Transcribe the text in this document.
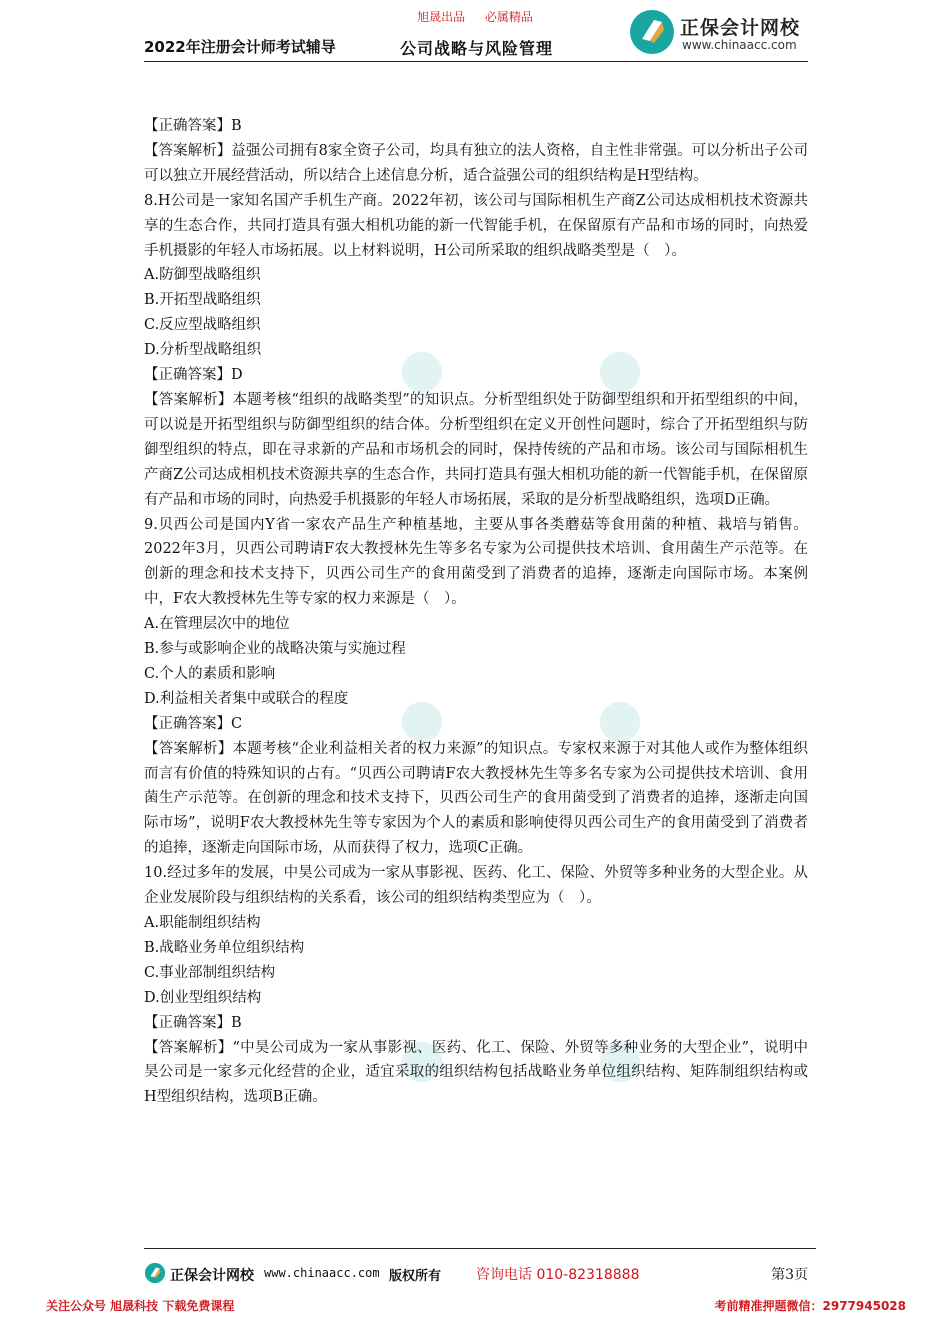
旭晟出品 必属精品
2022年注册会计师考试辅导	公司战略与风险管理
正保会计网校
www.chinaacc.com

【正确答案】B

【答案解析】益强公司拥有8家全资子公司，均具有独立的法人资格，自主性非常强。可以分析出子公司可以独立开展经营活动，所以结合上述信息分析，适合益强公司的组织结构是H型结构。

8.H公司是一家知名国产手机生产商。2022年初，该公司与国际相机生产商Z公司达成相机技术资源共享的生态合作，共同打造具有强大相机功能的新一代智能手机，在保留原有产品和市场的同时，向热爱手机摄影的年轻人市场拓展。以上材料说明，H公司所采取的组织战略类型是（　）。

A.防御型战略组织

B.开拓型战略组织

C.反应型战略组织

D.分析型战略组织

【正确答案】D

【答案解析】本题考核“组织的战略类型”的知识点。分析型组织处于防御型组织和开拓型组织的中间，可以说是开拓型组织与防御型组织的结合体。分析型组织在定义开创性问题时，综合了开拓型组织与防御型组织的特点，即在寻求新的产品和市场机会的同时，保持传统的产品和市场。该公司与国际相机生产商Z公司达成相机技术资源共享的生态合作，共同打造具有强大相机功能的新一代智能手机，在保留原有产品和市场的同时，向热爱手机摄影的年轻人市场拓展，采取的是分析型战略组织，选项D正确。

9.贝西公司是国内Y省一家农产品生产种植基地，主要从事各类蘑菇等食用菌的种植、栽培与销售。2022年3月，贝西公司聘请F农大教授林先生等多名专家为公司提供技术培训、食用菌生产示范等。在创新的理念和技术支持下，贝西公司生产的食用菌受到了消费者的追捧，逐渐走向国际市场。本案例中，F农大教授林先生等专家的权力来源是（　）。

A.在管理层次中的地位

B.参与或影响企业的战略决策与实施过程

C.个人的素质和影响

D.利益相关者集中或联合的程度

【正确答案】C

【答案解析】本题考核“企业利益相关者的权力来源”的知识点。专家权来源于对其他人或作为整体组织而言有价值的特殊知识的占有。“贝西公司聘请F农大教授林先生等多名专家为公司提供技术培训、食用菌生产示范等。在创新的理念和技术支持下，贝西公司生产的食用菌受到了消费者的追捧，逐渐走向国际市场”，说明F农大教授林先生等专家因为个人的素质和影响使得贝西公司生产的食用菌受到了消费者的追捧，逐渐走向国际市场，从而获得了权力，选项C正确。

10.经过多年的发展，中昊公司成为一家从事影视、医药、化工、保险、外贸等多种业务的大型企业。从企业发展阶段与组织结构的关系看，该公司的组织结构类型应为（　）。

A.职能制组织结构

B.战略业务单位组织结构

C.事业部制组织结构

D.创业型组织结构

【正确答案】B

【答案解析】“中昊公司成为一家从事影视、医药、化工、保险、外贸等多种业务的大型企业”，说明中昊公司是一家多元化经营的企业，适宜采取的组织结构包括战略业务单位组织结构、矩阵制组织结构或H型组织结构，选项B正确。

正保会计网校 www.chinaacc.com 版权所有 咨询电话 010-82318888	第3页
关注公众号 旭晟科技 下载免费课程	考前精准押题微信：2977945028
